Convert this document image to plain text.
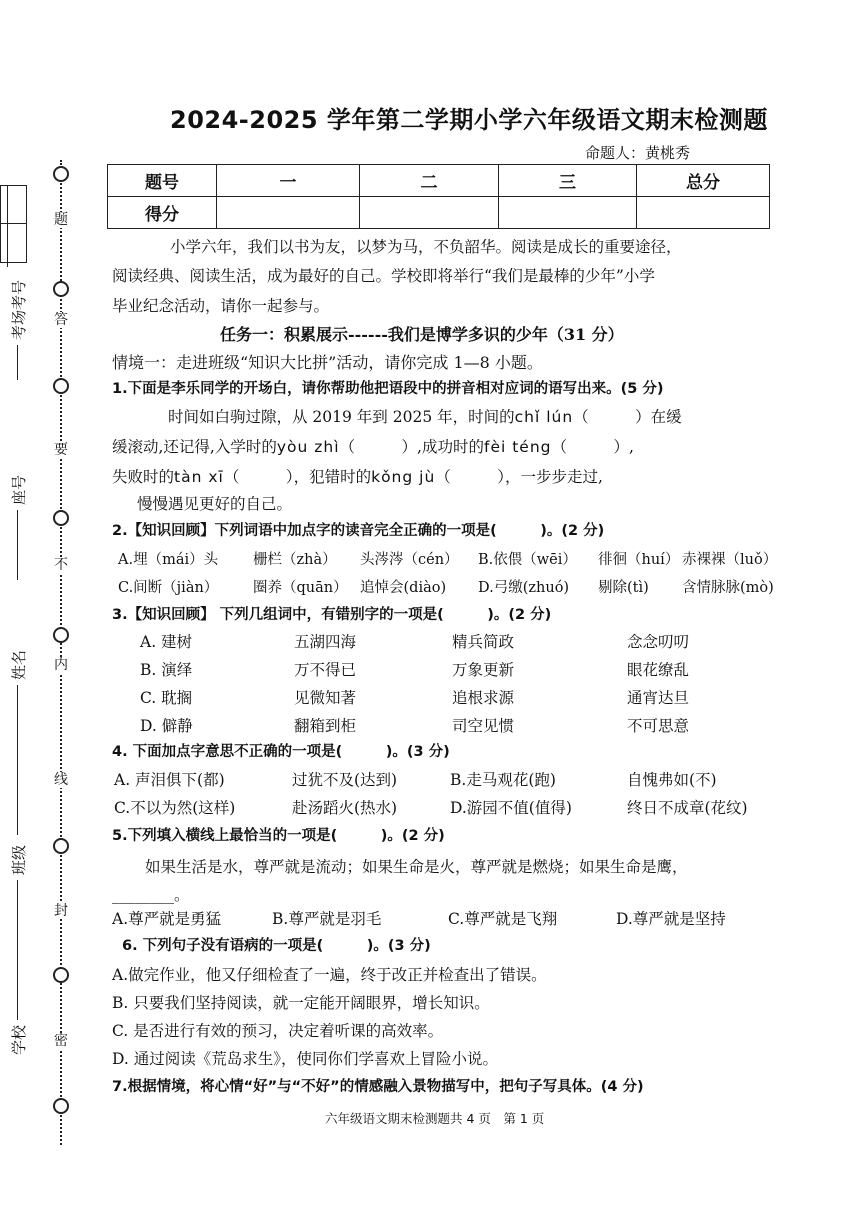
题
答
要
不
内
线
封
密
考场考号
座号
姓名
班级
学校
2024-2025 学年第二学期小学六年级语文期末检测题
命题人：黄桃秀
题号	一	二	三	总分
得分				
小学六年，我们以书为友，以梦为马，不负韶华。阅读是成长的重要途径，
阅读经典、阅读生活，成为最好的自己。学校即将举行“我们是最棒的少年”小学
毕业纪念活动，请你一起参与。
任务一：积累展示------我们是博学多识的少年（31 分）
情境一：走进班级“知识大比拼”活动，请你完成 1—8 小题。
1.下面是李乐同学的开场白，请你帮助他把语段中的拼音相对应词的语写出来。(5 分)
时间如白驹过隙，从 2019 年到 2025 年，时间的chǐ lún（　　　）在缓
缓滚动,还记得,入学时的yòu zhì（　　　）,成功时的fèi téng（　　　）,
失败时的tàn xī（　　　），犯错时的kǒng jù（　　　），一步步走过,
慢慢遇见更好的自己。
2.【知识回顾】下列词语中加点字的读音完全正确的一项是(　　　)。(2 分)
A.埋（mái）头 栅栏（zhà） 头涔涔（cén） B.依偎（wēi） 徘徊（huí） 赤裸裸（luǒ）
C.间断（jiàn） 圈养（quān） 追悼会(diào) D.弓缴(zhuó) 剔除(tì) 含情脉脉(mò)
3.【知识回顾】 下列几组词中，有错别字的一项是(　　　)。(2 分)
A. 建树	五湖四海	精兵简政	念念叨叨
B. 演绎	万不得已	万象更新	眼花缭乱
C. 耽搁	见微知著	追根求源	通宵达旦
D. 僻静	翻箱到柜	司空见惯	不可思意
4. 下面加点字意思不正确的一项是(　　　)。(3 分)
A. 声泪俱下(都)	过犹不及(达到)	B.走马观花(跑)	自愧弗如(不)
C.不以为然(这样)	赴汤蹈火(热水)	D.游园不值(值得)	终日不成章(花纹)
5.下列填入横线上最恰当的一项是(　　　)。(2 分)
如果生活是水，尊严就是流动；如果生命是火，尊严就是燃烧；如果生命是鹰，
________。
A.尊严就是勇猛	B.尊严就是羽毛	C.尊严就是飞翔	D.尊严就是坚持
6. 下列句子没有语病的一项是(　　　)。(3 分)
A.做完作业，他又仔细检查了一遍，终于改正并检查出了错误。
B. 只要我们坚持阅读，就一定能开阔眼界，增长知识。
C. 是否进行有效的预习，决定着听课的高效率。
D. 通过阅读《荒岛求生》，使同你们学喜欢上冒险小说。
7.根据情境，将心情“好”与“不好”的情感融入景物描写中，把句子写具体。(4 分)
六年级语文期末检测题共 4 页　第 1 页
